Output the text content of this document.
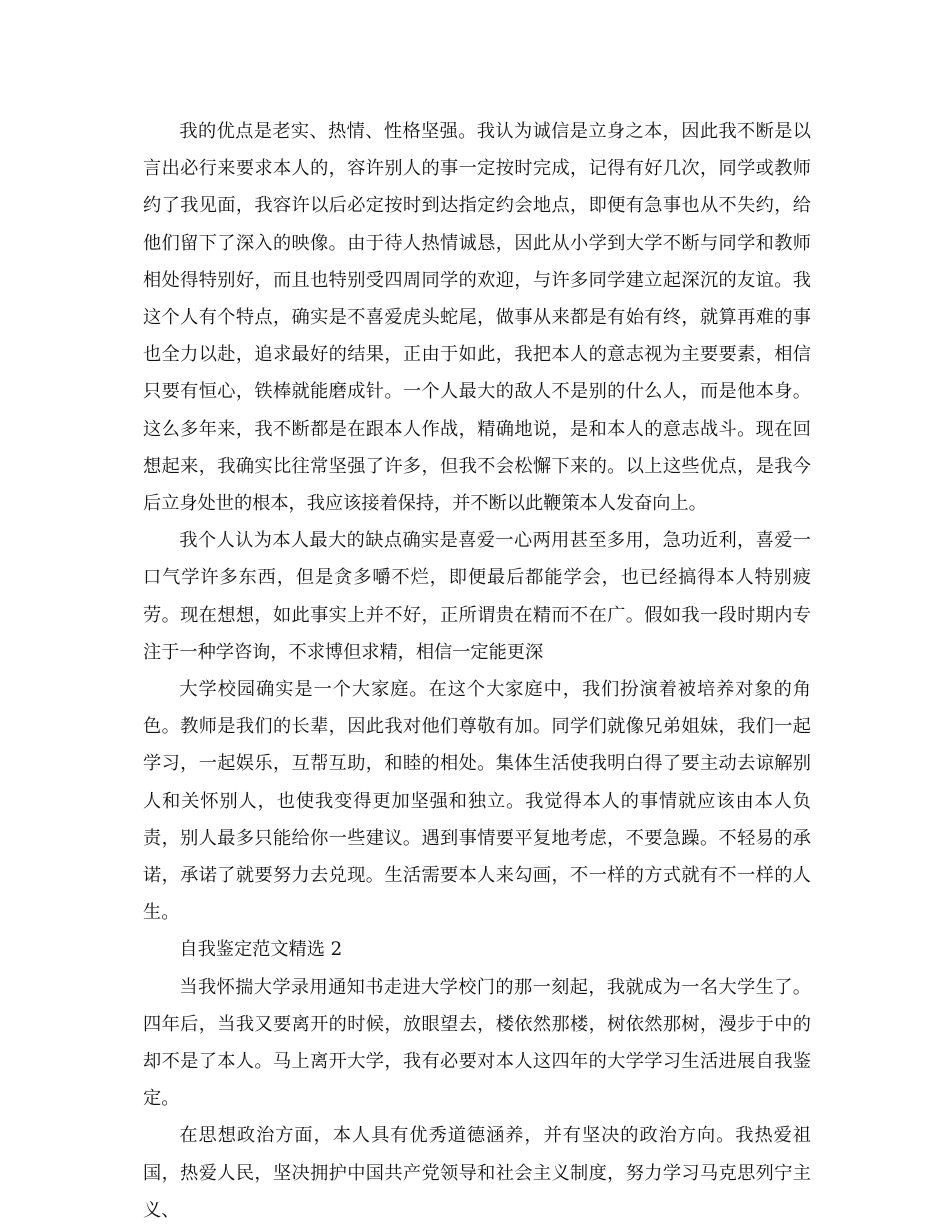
我的优点是老实、热情、性格坚强。我认为诚信是立身之本，因此我不断是以言出必行来要求本人的，容许别人的事一定按时完成，记得有好几次，同学或教师约了我见面，我容许以后必定按时到达指定约会地点，即便有急事也从不失约，给他们留下了深入的映像。由于待人热情诚恳，因此从小学到大学不断与同学和教师相处得特别好，而且也特别受四周同学的欢迎，与许多同学建立起深沉的友谊。我这个人有个特点，确实是不喜爱虎头蛇尾，做事从来都是有始有终，就算再难的事也全力以赴，追求最好的结果，正由于如此，我把本人的意志视为主要要素，相信只要有恒心，铁棒就能磨成针。一个人最大的敌人不是别的什么人，而是他本身。这么多年来，我不断都是在跟本人作战，精确地说，是和本人的意志战斗。现在回想起来，我确实比往常坚强了许多，但我不会松懈下来的。以上这些优点，是我今后立身处世的根本，我应该接着保持，并不断以此鞭策本人发奋向上。

我个人认为本人最大的缺点确实是喜爱一心两用甚至多用，急功近利，喜爱一口气学许多东西，但是贪多嚼不烂，即便最后都能学会，也已经搞得本人特别疲劳。现在想想，如此事实上并不好，正所谓贵在精而不在广。假如我一段时期内专注于一种学咨询，不求博但求精，相信一定能更深

大学校园确实是一个大家庭。在这个大家庭中，我们扮演着被培养对象的角色。教师是我们的长辈，因此我对他们尊敬有加。同学们就像兄弟姐妹，我们一起学习，一起娱乐，互帮互助，和睦的相处。集体生活使我明白得了要主动去谅解别人和关怀别人，也使我变得更加坚强和独立。我觉得本人的事情就应该由本人负责，别人最多只能给你一些建议。遇到事情要平复地考虑，不要急躁。不轻易的承诺，承诺了就要努力去兑现。生活需要本人来勾画，不一样的方式就有不一样的人生。

自我鉴定范文精选 2

当我怀揣大学录用通知书走进大学校门的那一刻起，我就成为一名大学生了。四年后，当我又要离开的时候，放眼望去，楼依然那楼，树依然那树，漫步于中的却不是了本人。马上离开大学，我有必要对本人这四年的大学学习生活进展自我鉴定。

在思想政治方面，本人具有优秀道德涵养，并有坚决的政治方向。我热爱祖国，热爱人民，坚决拥护中国共产党领导和社会主义制度，努力学习马克思列宁主义、
